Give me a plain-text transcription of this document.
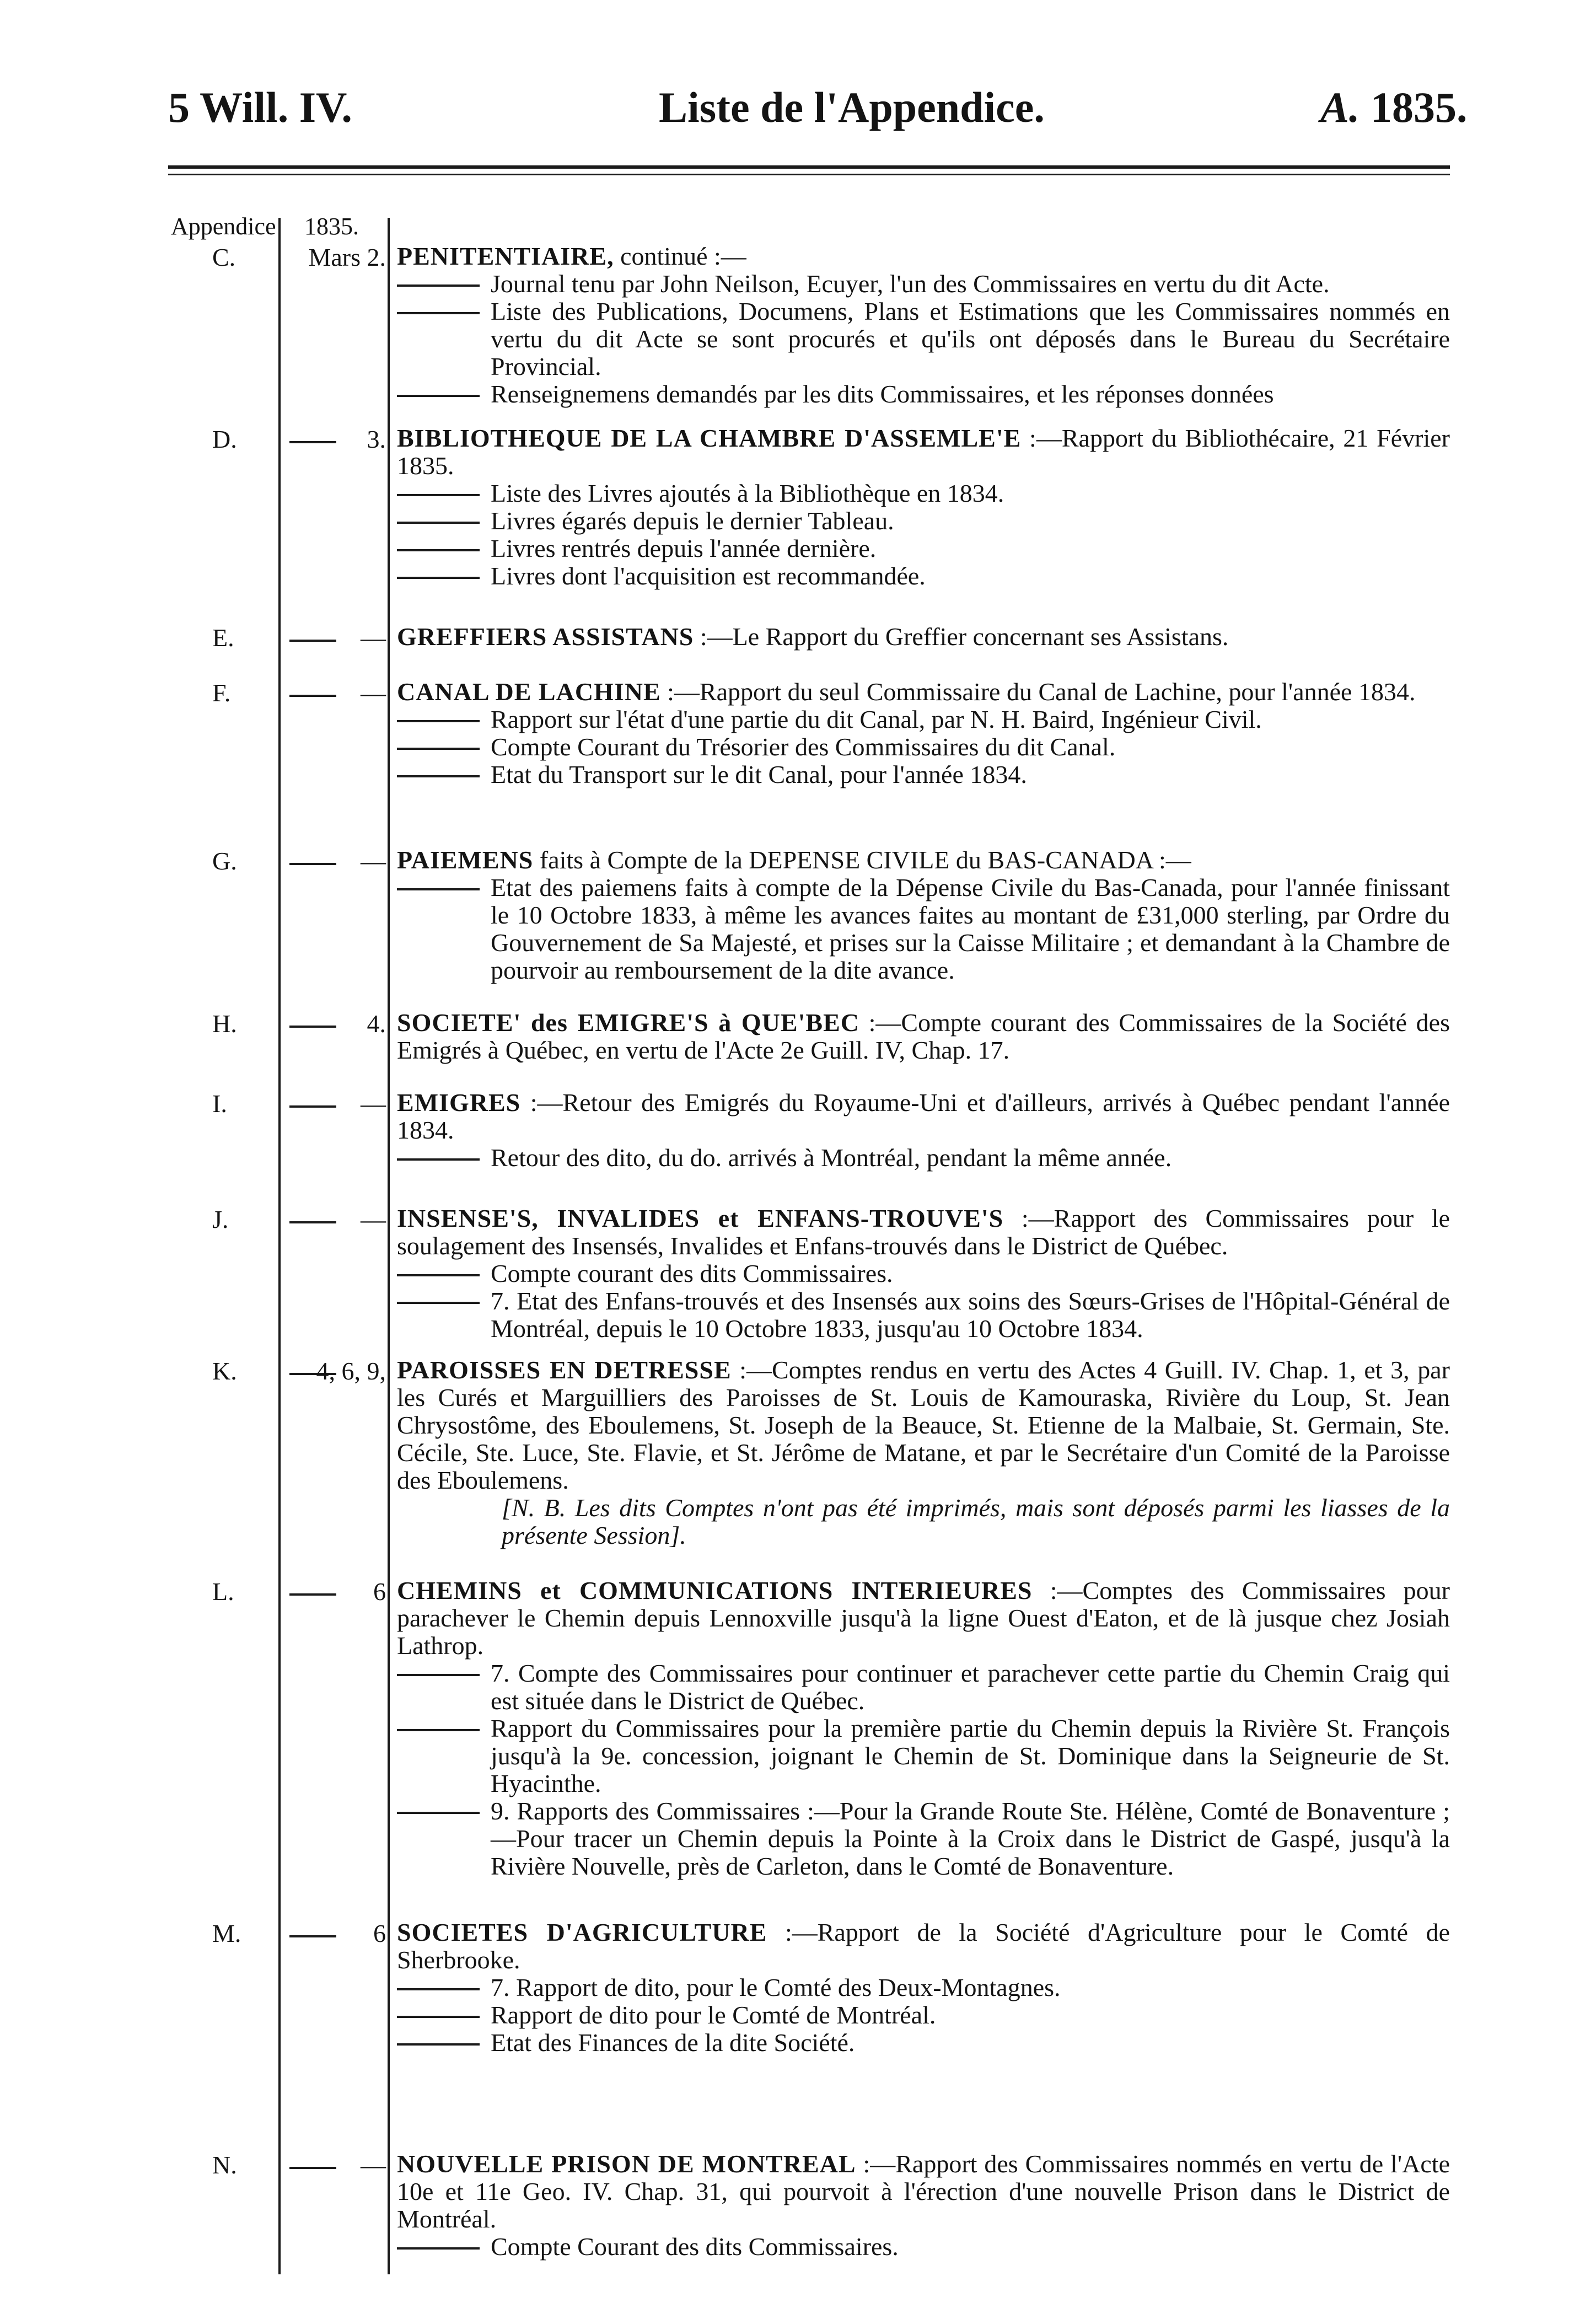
5 Will. IV.	Liste de l'Appendice.	A. 1835.
Appendice 1835.
C.	Mars 2. PENITENTIAIRE, continué :—
Journal tenu par John Neilson, Ecuyer, l'un des Commissaires en vertu du dit Acte.
Liste des Publications, Documens, Plans et Estimations que les Commissaires nommés en vertu du dit Acte se sont procurés et qu'ils ont déposés dans le Bureau du Secrétaire Provincial.
Renseignemens demandés par les dits Commissaires, et les réponses données
D.	3. BIBLIOTHEQUE DE LA CHAMBRE D'ASSEMLE'E :—Rapport du Bibliothécaire, 21 Février 1835.
Liste des Livres ajoutés à la Bibliothèque en 1834.
Livres égarés depuis le dernier Tableau.
Livres rentrés depuis l'année dernière.
Livres dont l'acquisition est recommandée.
E.	— GREFFIERS ASSISTANS :—Le Rapport du Greffier concernant ses Assistans.
F.	— CANAL DE LACHINE :—Rapport du seul Commissaire du Canal de Lachine, pour l'année 1834.
Rapport sur l'état d'une partie du dit Canal, par N. H. Baird, Ingénieur Civil.
Compte Courant du Trésorier des Commissaires du dit Canal.
Etat du Transport sur le dit Canal, pour l'année 1834.
G.	— PAIEMENS faits à Compte de la DEPENSE CIVILE du BAS-CANADA :—
Etat des paiemens faits à compte de la Dépense Civile du Bas-Canada, pour l'année finissant le 10 Octobre 1833, à même les avances faites au montant de £31,000 sterling, par Ordre du Gouvernement de Sa Majesté, et prises sur la Caisse Militaire ; et demandant à la Chambre de pourvoir au remboursement de la dite avance.
H.	4. SOCIETE' des EMIGRE'S à QUE'BEC :—Compte courant des Commissaires de la Société des Emigrés à Québec, en vertu de l'Acte 2e Guill. IV, Chap. 17.
I.	— EMIGRES :—Retour des Emigrés du Royaume-Uni et d'ailleurs, arrivés à Québec pendant l'année 1834.
Retour des dito, du do. arrivés à Montréal, pendant la même année.
J.	— INSENSE'S, INVALIDES et ENFANS-TROUVE'S :—Rapport des Commissaires pour le soulagement des Insensés, Invalides et Enfans-trouvés dans le District de Québec.
Compte courant des dits Commissaires.
7. Etat des Enfans-trouvés et des Insensés aux soins des Sœurs-Grises de l'Hôpital-Général de Montréal, depuis le 10 Octobre 1833, jusqu'au 10 Octobre 1834.
K.	4, 6, 9, PAROISSES EN DETRESSE :—Comptes rendus en vertu des Actes 4 Guill. IV. Chap. 1, et 3, par les Curés et Marguilliers des Paroisses de St. Louis de Kamouraska, Rivière du Loup, St. Jean Chrysostôme, des Eboulemens, St. Joseph de la Beauce, St. Etienne de la Malbaie, St. Germain, Ste. Cécile, Ste. Luce, Ste. Flavie, et St. Jérôme de Matane, et par le Secrétaire d'un Comité de la Paroisse des Eboulemens.
[N. B. Les dits Comptes n'ont pas été imprimés, mais sont déposés parmi les liasses de la présente Session].
L.	6 CHEMINS et COMMUNICATIONS INTERIEURES :—Comptes des Commissaires pour parachever le Chemin depuis Lennoxville jusqu'à la ligne Ouest d'Eaton, et de là jusque chez Josiah Lathrop.
7. Compte des Commissaires pour continuer et parachever cette partie du Chemin Craig qui est située dans le District de Québec.
Rapport du Commissaires pour la première partie du Chemin depuis la Rivière St. François jusqu'à la 9e. concession, joignant le Chemin de St. Dominique dans la Seigneurie de St. Hyacinthe.
9. Rapports des Commissaires :—Pour la Grande Route Ste. Hélène, Comté de Bonaventure ;—Pour tracer un Chemin depuis la Pointe à la Croix dans le District de Gaspé, jusqu'à la Rivière Nouvelle, près de Carleton, dans le Comté de Bonaventure.
M.	6 SOCIETES D'AGRICULTURE :—Rapport de la Société d'Agriculture pour le Comté de Sherbrooke.
7. Rapport de dito, pour le Comté des Deux-Montagnes.
Rapport de dito pour le Comté de Montréal.
Etat des Finances de la dite Société.
N.	— NOUVELLE PRISON DE MONTREAL :—Rapport des Commissaires nommés en vertu de l'Acte 10e et 11e Geo. IV. Chap. 31, qui pourvoit à l'érection d'une nouvelle Prison dans le District de Montréal.
Compte Courant des dits Commissaires.
